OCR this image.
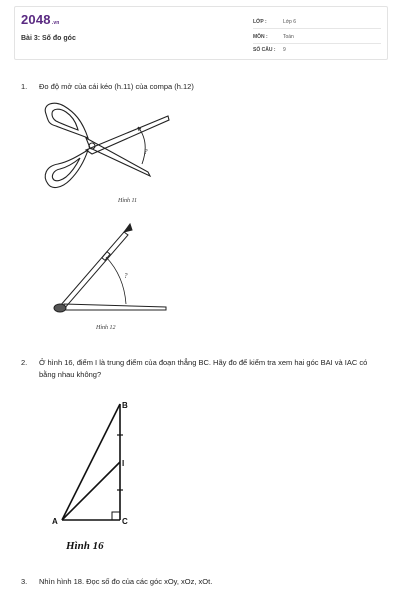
2048.vn
Bài 3: Số đo góc
LỚP :	Lớp 6
MÔN :	Toán
SỐ CÂU : 9
1. Đo độ mở của cái kéo (h.11) của compa (h.12)
?
Hình 11
?
Hình 12
2. Ở hình 16, điểm I là trung điểm của đoạn thẳng BC. Hãy đo để kiểm tra xem hai góc BAI và IAC có bằng nhau không?
A
B
C
I
Hình 16
3. Nhìn hình 18. Đọc số đo của các góc xOy, xOz, xOt.
